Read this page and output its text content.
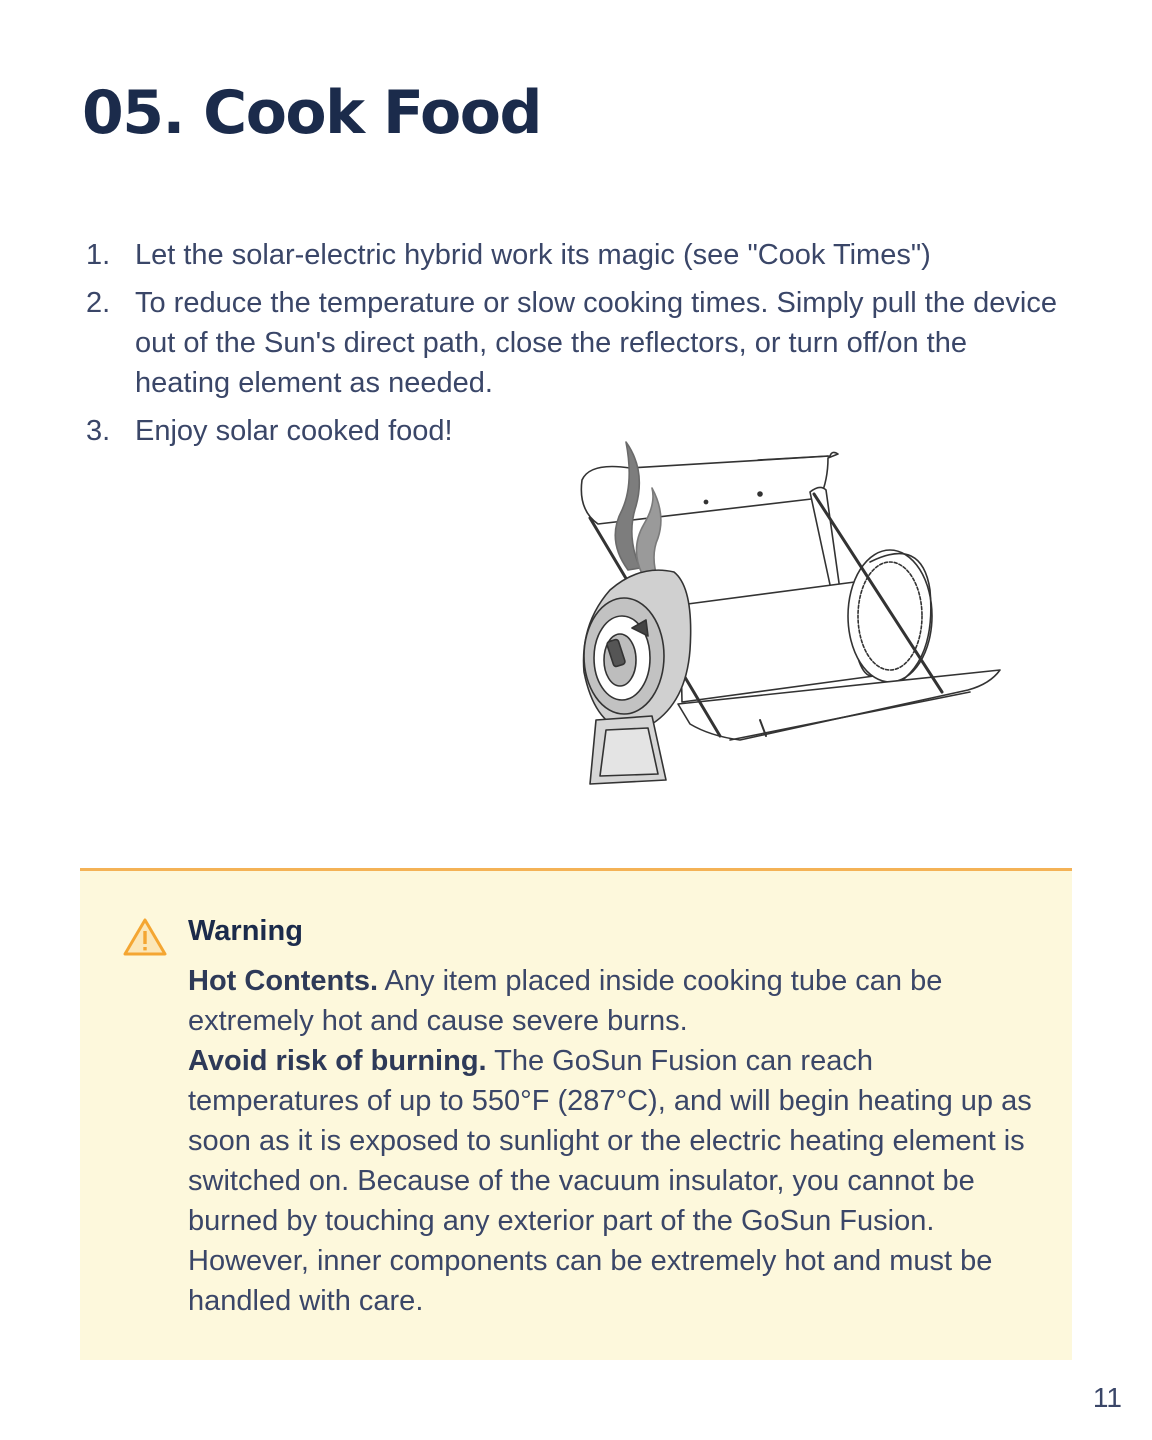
05. Cook Food
1. Let the solar-electric hybrid work its magic (see "Cook Times")
2. To reduce the temperature or slow cooking times. Simply pull the device out of the Sun's direct path, close the reflectors, or turn off/on the heating element as needed.
3. Enjoy solar cooked food!
Warning

Hot Contents. Any item placed inside cooking tube can be extremely hot and cause severe burns.
Avoid risk of burning. The GoSun Fusion can reach temperatures of up to 550°F (287°C), and will begin heating up as soon as it is exposed to sunlight or the electric heating element is switched on. Because of the vacuum insulator, you cannot be burned by touching any exterior part of the GoSun Fusion. However, inner components can be extremely hot and must be handled with care.

11
